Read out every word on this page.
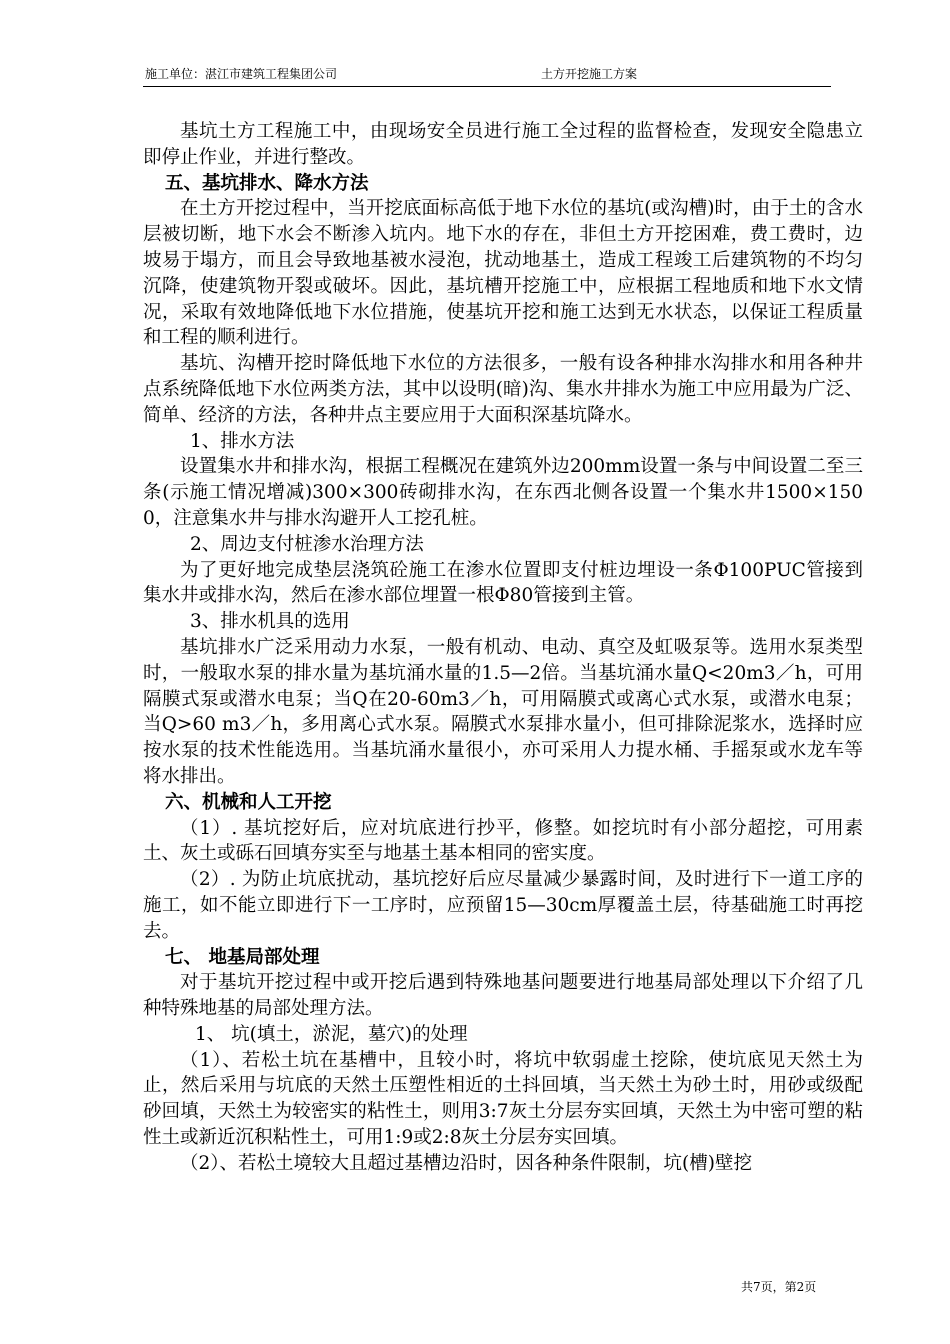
施工单位：湛江市建筑工程集团公司	土方开挖施工方案

基坑土方工程施工中，由现场安全员进行施工全过程的监督检查，发现安全隐患立即停止作业，并进行整改。

五、基坑排水、降水方法

在土方开挖过程中，当开挖底面标高低于地下水位的基坑(或沟槽)时，由于土的含水层被切断，地下水会不断渗入坑内。地下水的存在，非但土方开挖困难，费工费时，边坡易于塌方，而且会导致地基被水浸泡，扰动地基土，造成工程竣工后建筑物的不均匀沉降，使建筑物开裂或破坏。因此，基坑槽开挖施工中，应根据工程地质和地下水文情况，采取有效地降低地下水位措施，使基坑开挖和施工达到无水状态，以保证工程质量和工程的顺利进行。

基坑、沟槽开挖时降低地下水位的方法很多，一般有设各种排水沟排水和用各种井点系统降低地下水位两类方法，其中以设明(暗)沟、集水井排水为施工中应用最为广泛、简单、经济的方法，各种井点主要应用于大面积深基坑降水。

1、排水方法

设置集水井和排水沟，根据工程概况在建筑外边200mm设置一条与中间设置二至三条(示施工情况增减)300×300砖砌排水沟，在东西北侧各设置一个集水井1500×1500，注意集水井与排水沟避开人工挖孔桩。

2、周边支付桩渗水治理方法

为了更好地完成垫层浇筑砼施工在渗水位置即支付桩边埋设一条Φ100PUC管接到集水井或排水沟，然后在渗水部位埋置一根Φ80管接到主管。

3、排水机具的选用

基坑排水广泛采用动力水泵，一般有机动、电动、真空及虹吸泵等。选用水泵类型时，一般取水泵的排水量为基坑涌水量的1.5—2倍。当基坑涌水量Q<20m3／h，可用隔膜式泵或潜水电泵；当Q在20-60m3／h，可用隔膜式或离心式水泵，或潜水电泵；当Q>60 m3／h，多用离心式水泵。隔膜式水泵排水量小，但可排除泥浆水，选择时应按水泵的技术性能选用。当基坑涌水量很小，亦可采用人力提水桶、手摇泵或水龙车等将水排出。

六、机械和人工开挖

（1）. 基坑挖好后，应对坑底进行抄平，修整。如挖坑时有小部分超挖，可用素土、灰土或砾石回填夯实至与地基土基本相同的密实度。

（2）. 为防止坑底扰动，基坑挖好后应尽量减少暴露时间，及时进行下一道工序的施工，如不能立即进行下一工序时，应预留15—30cm厚覆盖土层，待基础施工时再挖去。

七、 地基局部处理

对于基坑开挖过程中或开挖后遇到特殊地基问题要进行地基局部处理以下介绍了几种特殊地基的局部处理方法。

1、 坑(填土，淤泥，墓穴)的处理

（1）、若松土坑在基槽中，且较小时，将坑中软弱虚土挖除，使坑底见天然土为止，然后采用与坑底的天然土压塑性相近的土抖回填，当天然土为砂土时，用砂或级配砂回填，天然土为较密实的粘性土，则用3:7灰土分层夯实回填，天然土为中密可塑的粘性土或新近沉积粘性土，可用1:9或2:8灰土分层夯实回填。

（2）、若松土境较大且超过基槽边沿时，因各种条件限制，坑(槽)壁挖

共7页，第2页
